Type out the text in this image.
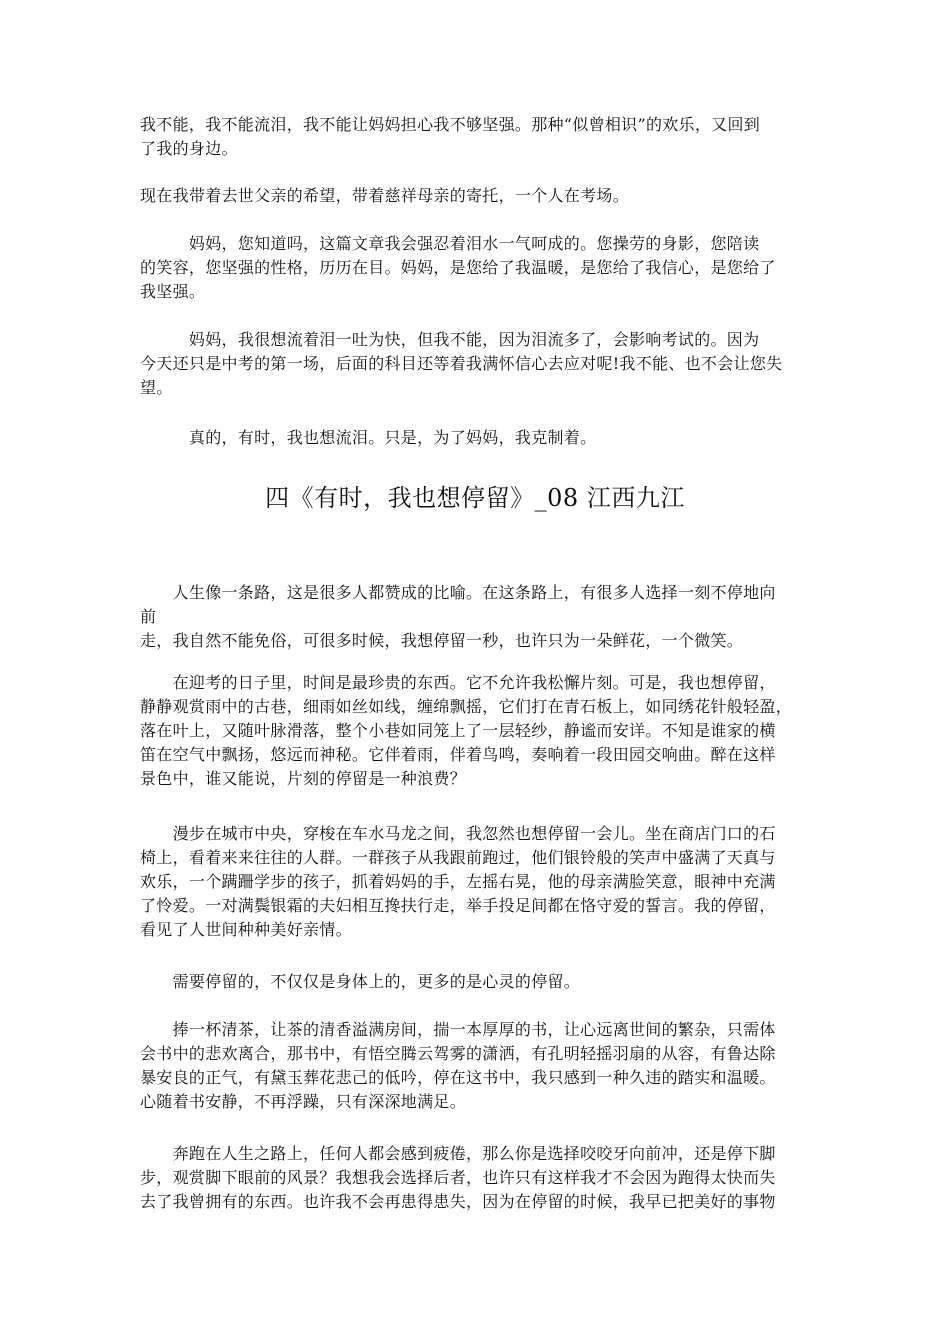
我不能，我不能流泪，我不能让妈妈担心我不够坚强。那种“似曾相识”的欢乐，又回到
了我的身边。

现在我带着去世父亲的希望，带着慈祥母亲的寄托，一个人在考场。

　　　妈妈，您知道吗，这篇文章我会强忍着泪水一气呵成的。您操劳的身影，您陪读
的笑容，您坚强的性格，历历在目。妈妈，是您给了我温暖，是您给了我信心，是您给了
我坚强。

　　　妈妈，我很想流着泪一吐为快，但我不能，因为泪流多了，会影响考试的。因为
今天还只是中考的第一场，后面的科目还等着我满怀信心去应对呢!我不能、也不会让您失
望。

　　　真的，有时，我也想流泪。只是，为了妈妈，我克制着。

四《有时，我也想停留》_08 江西九江

　　人生像一条路，这是很多人都赞成的比喻。在这条路上，有很多人选择一刻不停地向
前
走，我自然不能免俗，可很多时候，我想停留一秒，也许只为一朵鲜花，一个微笑。

　　在迎考的日子里，时间是最珍贵的东西。它不允许我松懈片刻。可是，我也想停留，
静静观赏雨中的古巷，细雨如丝如线，缠绵飘摇，它们打在青石板上，如同绣花针般轻盈，
落在叶上，又随叶脉滑落，整个小巷如同笼上了一层轻纱，静谧而安详。不知是谁家的横
笛在空气中飘扬，悠远而神秘。它伴着雨，伴着鸟鸣，奏响着一段田园交响曲。醉在这样
景色中，谁又能说，片刻的停留是一种浪费？

　　漫步在城市中央，穿梭在车水马龙之间，我忽然也想停留一会儿。坐在商店门口的石
椅上，看着来来往往的人群。一群孩子从我跟前跑过，他们银铃般的笑声中盛满了天真与
欢乐，一个蹒跚学步的孩子，抓着妈妈的手，左摇右晃，他的母亲满脸笑意，眼神中充满
了怜爱。一对满鬓银霜的夫妇相互搀扶行走，举手投足间都在恪守爱的誓言。我的停留，
看见了人世间种种美好亲情。

　　需要停留的，不仅仅是身体上的，更多的是心灵的停留。

　　捧一杯清茶，让茶的清香溢满房间，揣一本厚厚的书，让心远离世间的繁杂，只需体
会书中的悲欢离合，那书中，有悟空腾云驾雾的潇洒，有孔明轻摇羽扇的从容，有鲁达除
暴安良的正气，有黛玉葬花悲己的低吟，停在这书中，我只感到一种久违的踏实和温暖。
心随着书安静，不再浮躁，只有深深地满足。

　　奔跑在人生之路上，任何人都会感到疲倦，那么你是选择咬咬牙向前冲，还是停下脚
步，观赏脚下眼前的风景？我想我会选择后者，也许只有这样我才不会因为跑得太快而失
去了我曾拥有的东西。也许我不会再患得患失，因为在停留的时候，我早已把美好的事物
